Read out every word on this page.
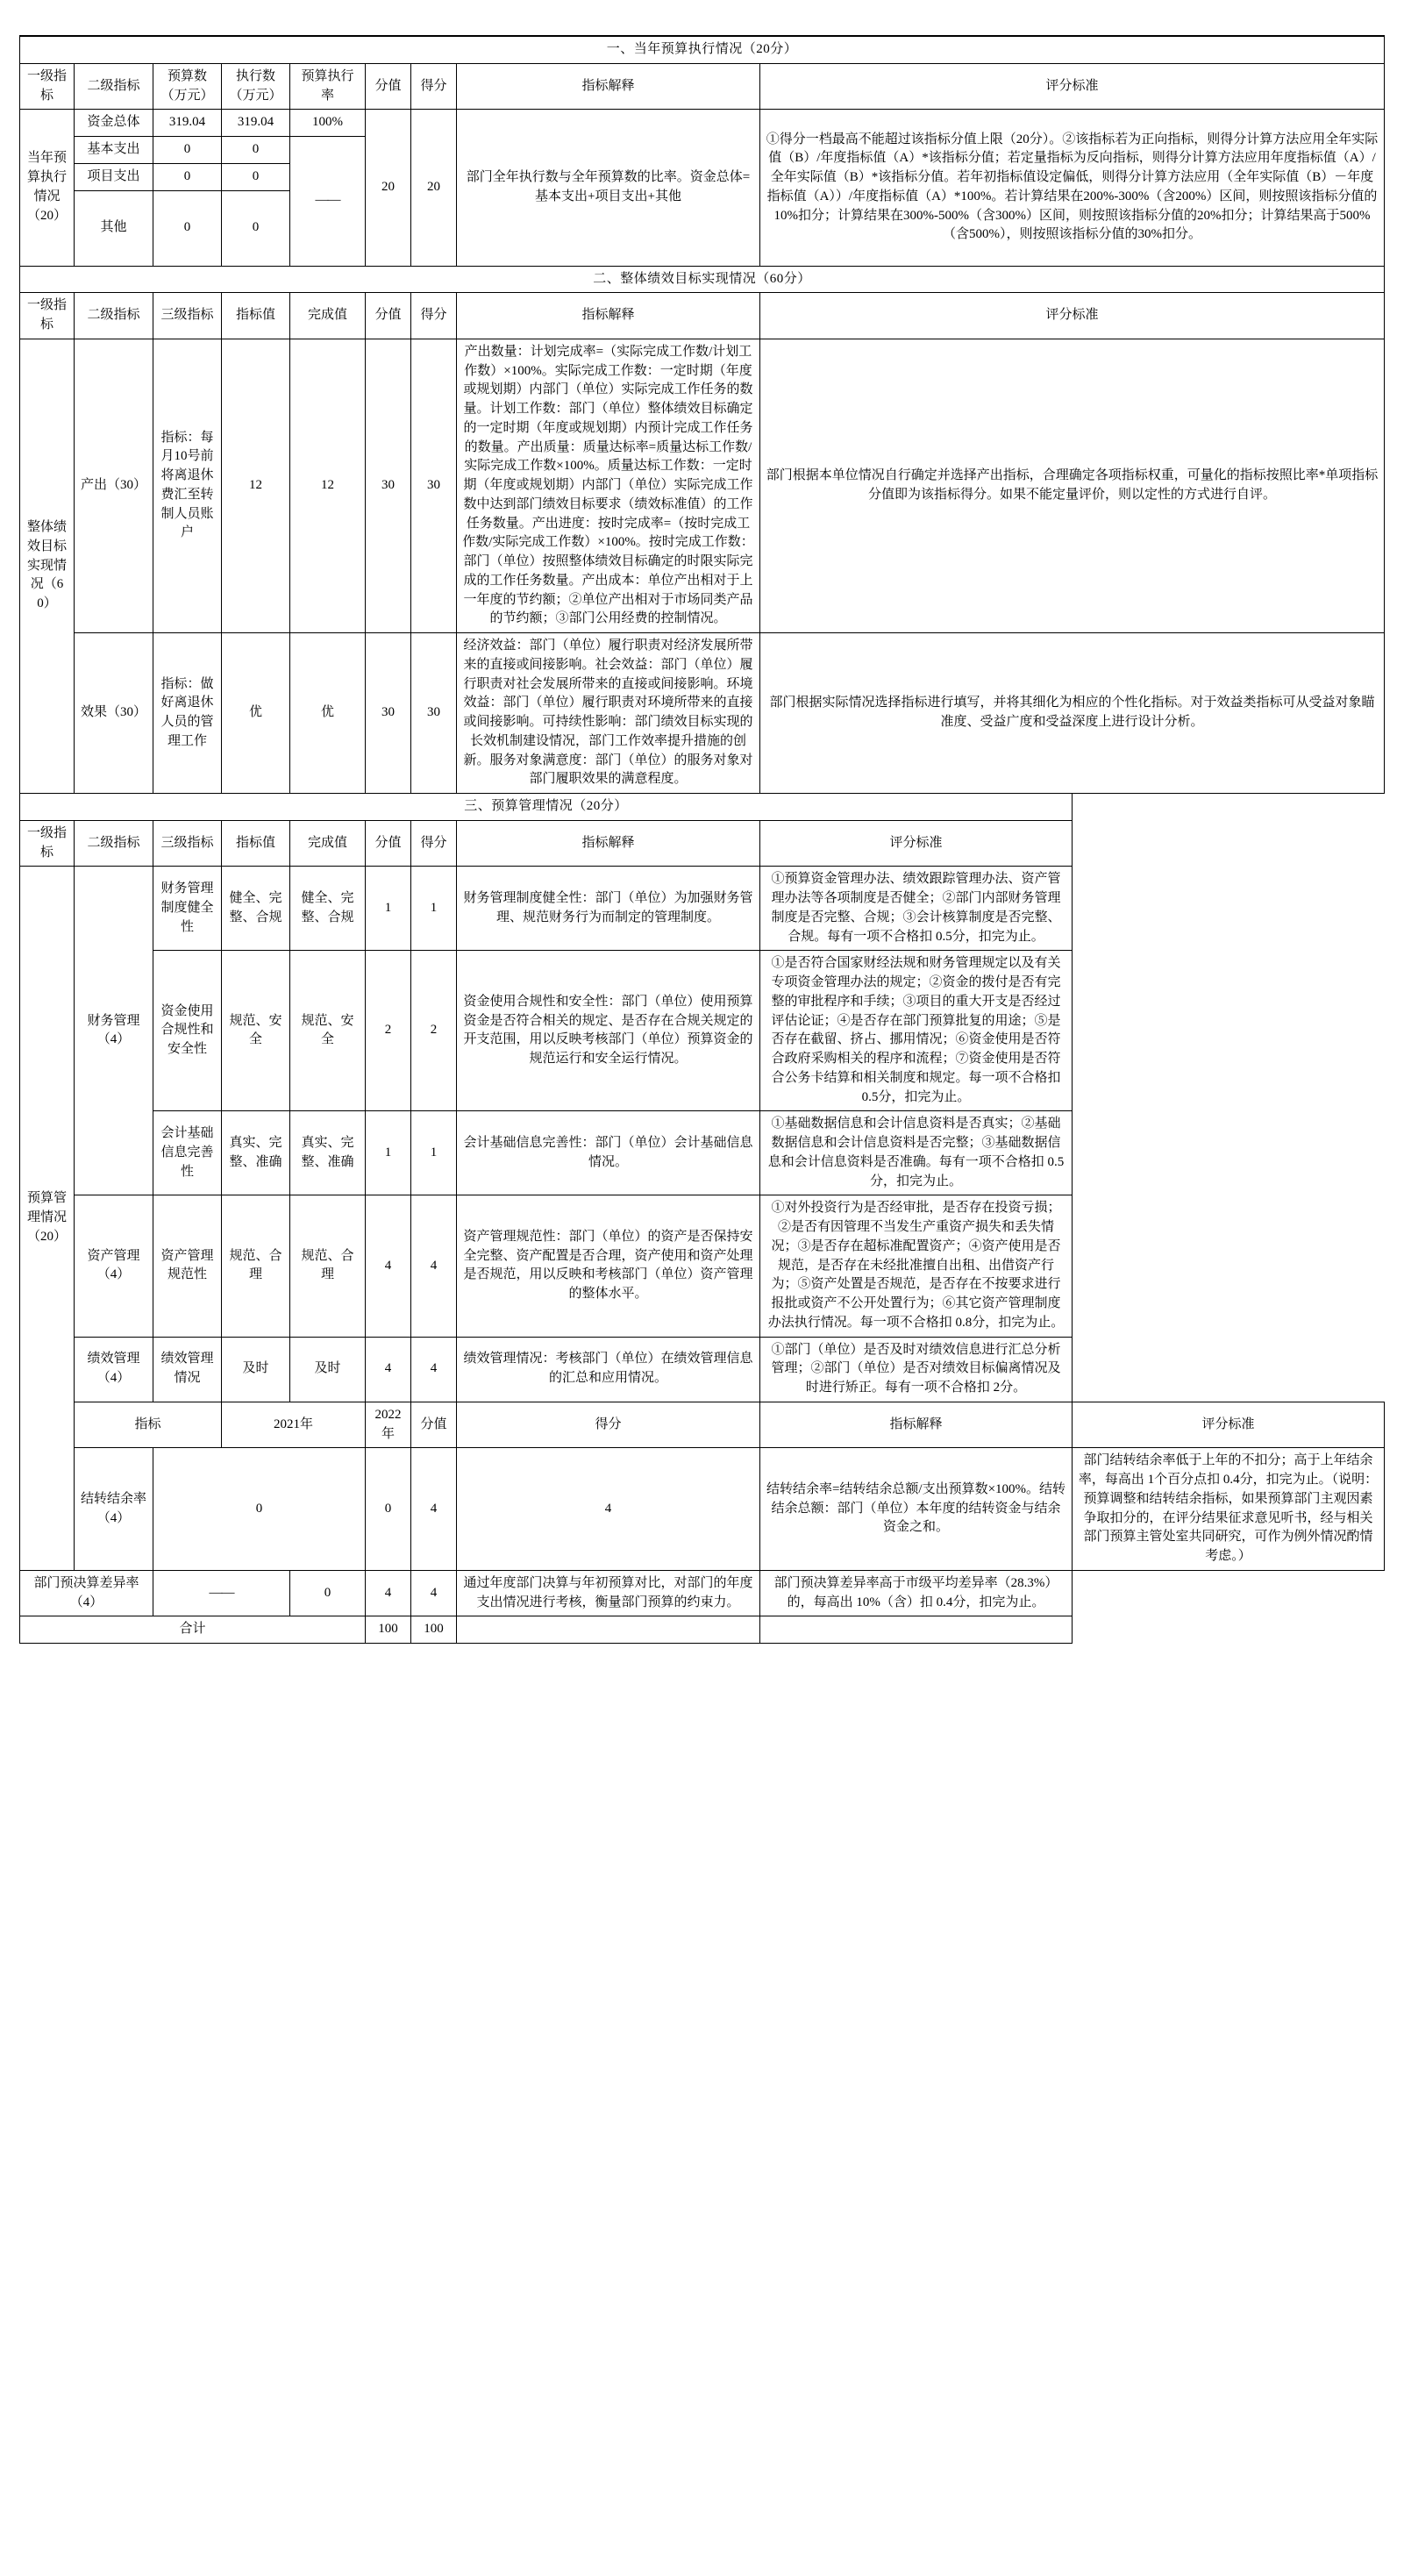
一、当年预算执行情况（20分）								
一级指标	二级指标	预算数（万元）	执行数（万元）	预算执行率	分值	得分	指标解释	评分标准
当年预算执行情况（20）	资金总体	319.04	319.04	100%	20	20	部门全年执行数与全年预算数的比率。资金总体=基本支出+项目支出+其他	①得分一档最高不能超过该指标分值上限（20分）。②该指标若为正向指标，则得分计算方法应用全年实际值（B）/年度指标值（A）*该指标分值；若定量指标为反向指标，则得分计算方法应用年度指标值（A）/全年实际值（B）*该指标分值。若年初指标值设定偏低，则得分计算方法应用（全年实际值（B）－年度指标值（A））/年度指标值（A）*100%。若计算结果在200%-300%（含200%）区间，则按照该指标分值的10%扣分；计算结果在300%-500%（含300%）区间，则按照该指标分值的20%扣分；计算结果高于500%（含500%），则按照该指标分值的30%扣分。
	基本支出	0	0	——				
	项目支出	0	0					
	其他	0	0					
二、整体绩效目标实现情况（60分）								
一级指标	二级指标	三级指标	指标值	完成值	分值	得分	指标解释	评分标准
整体绩效目标实现情况（60）	产出（30）	指标：每月10号前将离退休费汇至转制人员账户	12	12	30	30	产出数量：计划完成率=（实际完成工作数/计划工作数）×100%。实际完成工作数：一定时期（年度或规划期）内部门（单位）实际完成工作任务的数量。计划工作数：部门（单位）整体绩效目标确定的一定时期（年度或规划期）内预计完成工作任务的数量。产出质量：质量达标率=质量达标工作数/实际完成工作数×100%。质量达标工作数：一定时期（年度或规划期）内部门（单位）实际完成工作数中达到部门绩效目标要求（绩效标准值）的工作任务数量。产出进度：按时完成率=（按时完成工作数/实际完成工作数）×100%。按时完成工作数：部门（单位）按照整体绩效目标确定的时限实际完成的工作任务数量。产出成本：单位产出相对于上一年度的节约额；②单位产出相对于市场同类产品的节约额；③部门公用经费的控制情况。	部门根据本单位情况自行确定并选择产出指标，合理确定各项指标权重，可量化的指标按照比率*单项指标分值即为该指标得分。如果不能定量评价，则以定性的方式进行自评。
	效果（30）	指标：做好离退休人员的管理工作	优	优	30	30	经济效益：部门（单位）履行职责对经济发展所带来的直接或间接影响。社会效益：部门（单位）履行职责对社会发展所带来的直接或间接影响。环境效益：部门（单位）履行职责对环境所带来的直接或间接影响。可持续性影响：部门绩效目标实现的长效机制建设情况，部门工作效率提升措施的创新。服务对象满意度：部门（单位）的服务对象对部门履职效果的满意程度。	部门根据实际情况选择指标进行填写，并将其细化为相应的个性化指标。对于效益类指标可从受益对象瞄准度、受益广度和受益深度上进行设计分析。
三、预算管理情况（20分）									
一级指标	二级指标	三级指标	指标值	完成值	分值	得分	指标解释	评分标准	
预算管理情况（20）	财务管理（4）	财务管理制度健全性	健全、完整、合规	健全、完整、合规	1	1	财务管理制度健全性：部门（单位）为加强财务管理、规范财务行为而制定的管理制度。	①预算资金管理办法、绩效跟踪管理办法、资产管理办法等各项制度是否健全；②部门内部财务管理制度是否完整、合规；③会计核算制度是否完整、合规。每有一项不合格扣 0.5分，扣完为止。	
		资金使用合规性和安全性	规范、安全	规范、安全	2	2	资金使用合规性和安全性：部门（单位）使用预算资金是否符合相关的规定、是否存在合规关规定的开支范围，用以反映考核部门（单位）预算资金的规范运行和安全运行情况。	①是否符合国家财经法规和财务管理规定以及有关专项资金管理办法的规定；②资金的拨付是否有完整的审批程序和手续；③项目的重大开支是否经过评估论证；④是否存在部门预算批复的用途；⑤是否存在截留、挤占、挪用情况；⑥资金使用是否符合政府采购相关的程序和流程；⑦资金使用是否符合公务卡结算和相关制度和规定。每一项不合格扣 0.5分，扣完为止。	
		会计基础信息完善性	真实、完整、准确	真实、完整、准确	1	1	会计基础信息完善性：部门（单位）会计基础信息情况。	①基础数据信息和会计信息资料是否真实；②基础数据信息和会计信息资料是否完整；③基础数据信息和会计信息资料是否准确。每有一项不合格扣 0.5分，扣完为止。	
	资产管理（4）	资产管理规范性	规范、合理	规范、合理	4	4	资产管理规范性：部门（单位）的资产是否保持安全完整、资产配置是否合理，资产使用和资产处理是否规范，用以反映和考核部门（单位）资产管理的整体水平。	①对外投资行为是否经审批，是否存在投资亏损；②是否有因管理不当发生产重资产损失和丢失情况；③是否存在超标准配置资产；④资产使用是否规范，是否存在未经批准擅自出租、出借资产行为；⑤资产处置是否规范，是否存在不按要求进行报批或资产不公开处置行为；⑥其它资产管理制度办法执行情况。每一项不合格扣 0.8分，扣完为止。	
	绩效管理（4）	绩效管理情况	及时	及时	4	4	绩效管理情况：考核部门（单位）在绩效管理信息的汇总和应用情况。	①部门（单位）是否及时对绩效信息进行汇总分析管理；②部门（单位）是否对绩效目标偏离情况及时进行矫正。每有一项不合格扣 2分。	
	指标		2021年		2022年	分值	得分	指标解释	评分标准
	结转结余率（4）	0			0	4	4	结转结余率=结转结余总额/支出预算数×100%。结转结余总额：部门（单位）本年度的结转资金与结余资金之和。	部门结转结余率低于上年的不扣分；高于上年结余率，每高出 1个百分点扣 0.4分，扣完为止。（说明：预算调整和结转结余指标，如果预算部门主观因素争取扣分的，在评分结果征求意见听书，经与相关部门预算主管处室共同研究，可作为例外情况酌情考虑。）
部门预决算差异率（4）		——		0	4	4	通过年度部门决算与年初预算对比，对部门的年度支出情况进行考核，衡量部门预算的约束力。	部门预决算差异率高于市级平均差异率（28.3%）的，每高出 10%（含）扣 0.4分，扣完为止。	
合计					100	100			
